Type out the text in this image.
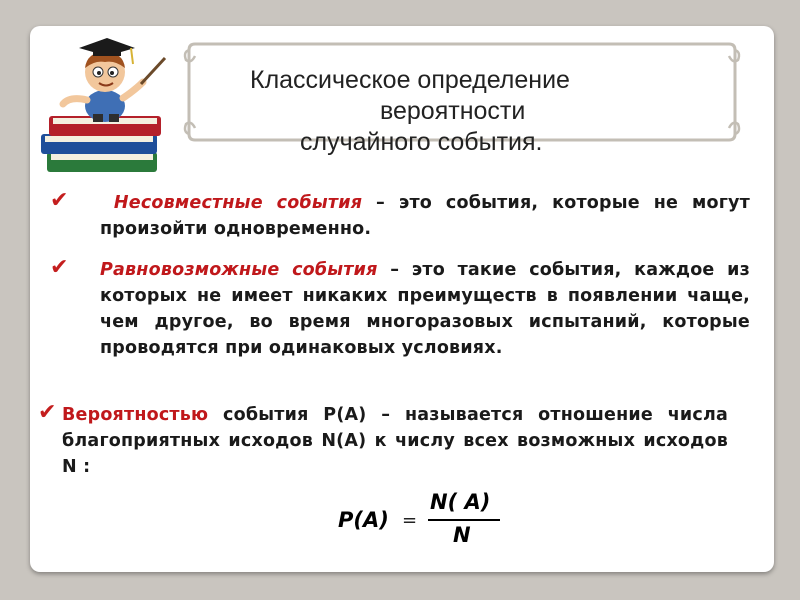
Классическое определение
вероятности
случайного события.
✔	Несовместные события – это события, которые не могут произойти одновременно.
✔ Равновозможные события – это такие события, каждое из которых не имеет никаких преимуществ в появлении чаще, чем другое, во время многоразовых испытаний, которые проводятся при одинаковых условиях.
✔ Вероятностью события P(A) – называется отношение числа благоприятных исходов N(A) к числу всех возможных исходов N :
P(A) =
N( A)
N
